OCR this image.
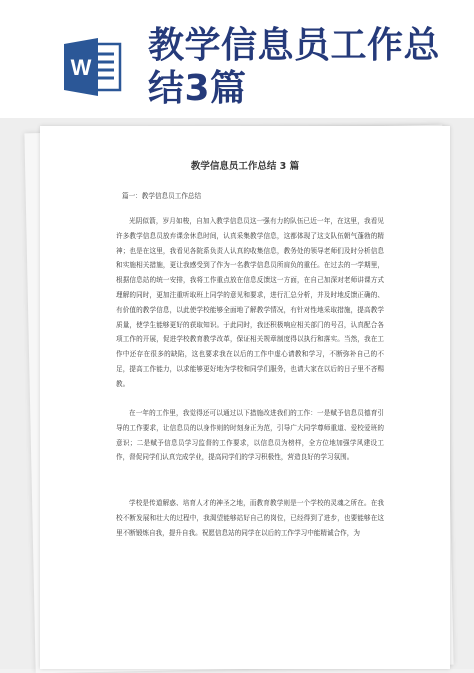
W
教学信息员工作总
结3篇
教学信息员工作总结 3 篇
篇一：教学信息员工作总结

光阴似箭，岁月如梭，自加入教学信息员这一强有力的队伍已近一年，在这里，我看见许多教学信息员放弃课余休息时间，认真采集教学信息，这都体现了这支队伍朝气蓬勃的精神；也是在这里，我看见各院系负责人认真的收集信息，教务处的领导老师们及时分析信息和实施相关措施，更让我感受到了作为一名教学信息员所肩负的重任。在过去的一学期里，根据信息站的统一安排，我将工作重点放在信息反馈这一方面，在自己加深对老师讲课方式理解的同时，更加注重听取班上同学的意见和要求，进行汇总分析，并及时地反馈正确的、有价值的教学信息，以此使学校能够全面地了解教学情况，有针对性地采取措施，提高教学质量，使学生能够更好的获取知识。于此同时，我还积极响应相关部门的号召，认真配合各项工作的开展，促进学校教育教学改革，保证相关规章制度得以执行和落实。当然，我在工作中还存在很多的缺陷，这也要求我在以后的工作中虚心请教和学习，不断弥补自己的不足，提高工作能力，以求能够更好地为学校和同学们服务，也请大家在以后的日子里不吝赐教。

在一年的工作里，我觉得还可以通过以下措施改进我们的工作：一是赋予信息员德育引导的工作要求，让信息员的以身作则的时刻身正为范，引导广大同学尊师重道、爱校爱班的意识；二是赋予信息员学习监督的工作要求，以信息员为榜样，全方位地加强学风建设工作，督促同学们认真完成学业，提高同学们的学习积极性，营造良好的学习氛围。

学校是传道解惑、培育人才的神圣之地，而教育教学则是一个学校的灵魂之所在。在我校不断发展和壮大的过程中，我渴望能够站好自己的岗位，已经得到了进步，也要能够在这里不断锻炼自我，提升自我。祝愿信息站的同学在以后的工作学习中能精诚合作，为
